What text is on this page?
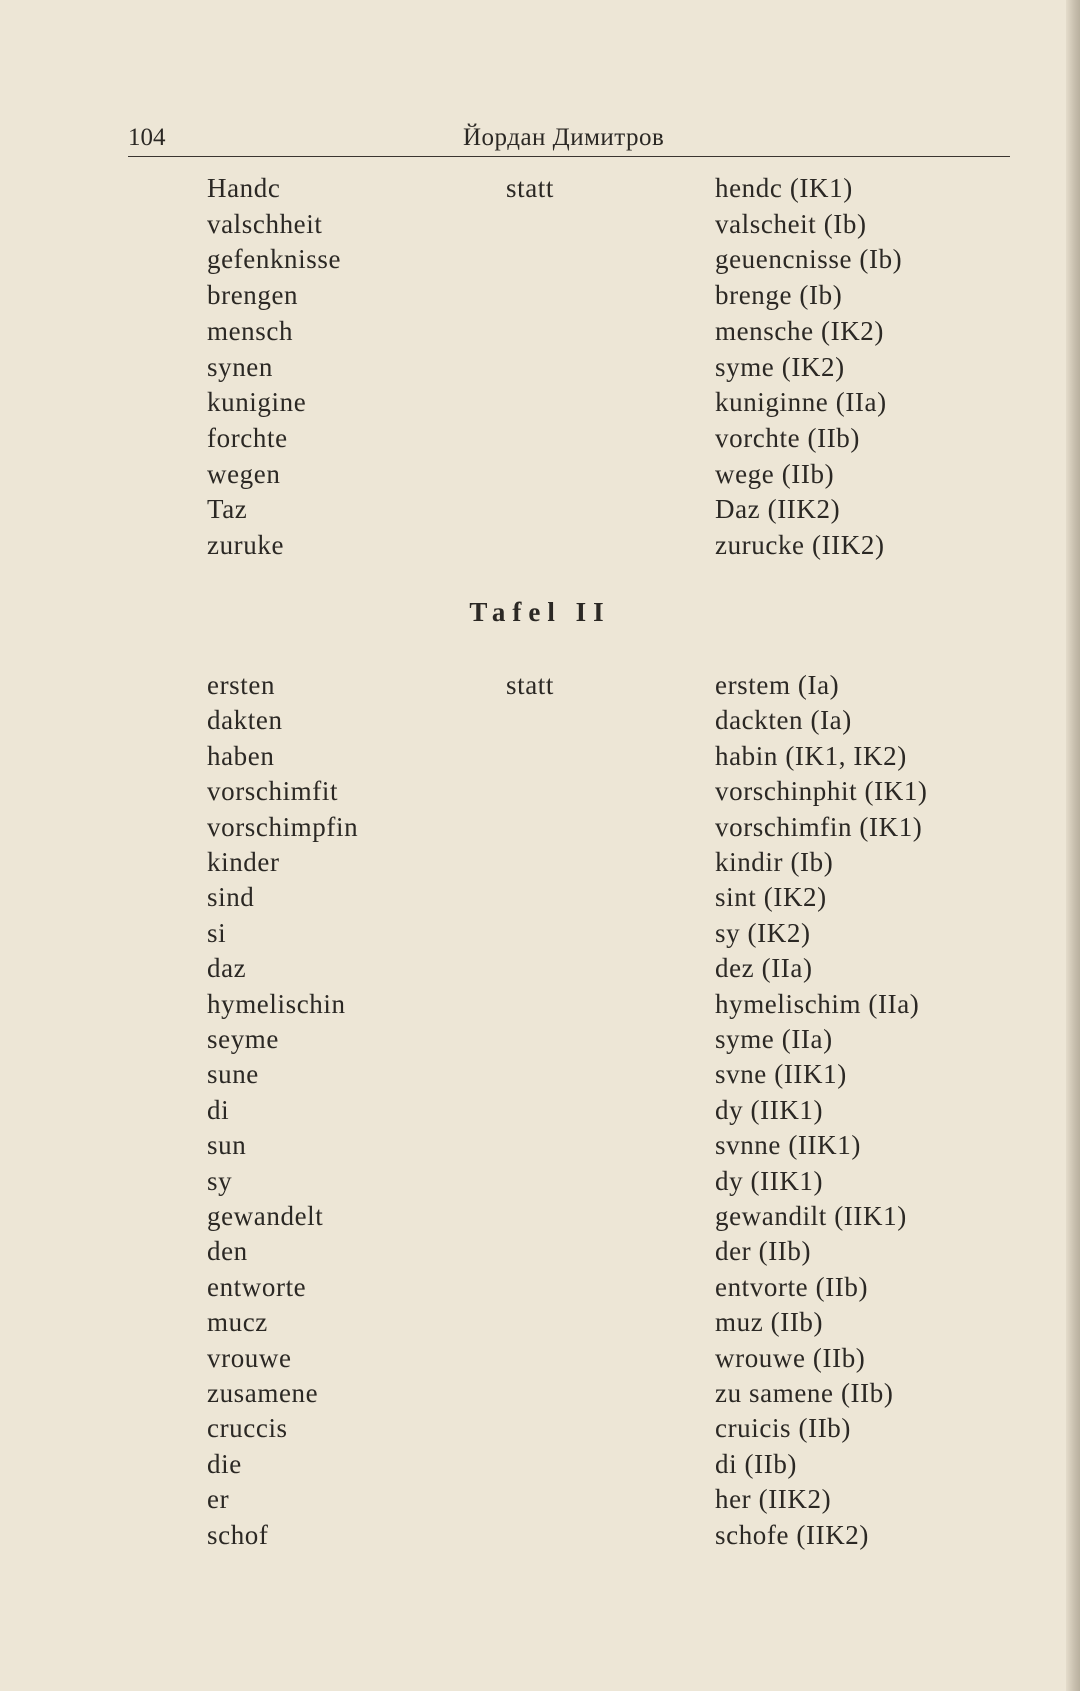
104	Йордан Димитров
Handc	statt	hendc (IK1)
valschheit	valscheit (Ib)
gefenknisse	geuencnisse (Ib)
brengen	brenge (Ib)
mensch	mensche (IK2)
synen	syme (IK2)
kunigine	kuniginne (IIa)
forchte	vorchte (IIb)
wegen	wege (IIb)
Taz	Daz (IIK2)
zuruke	zurucke (IIK2)
Tafel II
ersten	statt	erstem (Ia)
dakten	dackten (Ia)
haben	habin (IK1, IK2)
vorschimfit	vorschinphit (IK1)
vorschimpfin	vorschimfin (IK1)
kinder	kindir (Ib)
sind	sint (IK2)
si	sy (IK2)
daz	dez (IIa)
hymelischin	hymelischim (IIa)
seyme	syme (IIa)
sune	svne (IIK1)
di	dy (IIK1)
sun	svnne (IIK1)
sy	dy (IIK1)
gewandelt	gewandilt (IIK1)
den	der (IIb)
entworte	entvorte (IIb)
mucz	muz (IIb)
vrouwe	wrouwe (IIb)
zusamene	zu samene (IIb)
cruccis	cruicis (IIb)
die	di (IIb)
er	her (IIK2)
schof	schofe (IIK2)
